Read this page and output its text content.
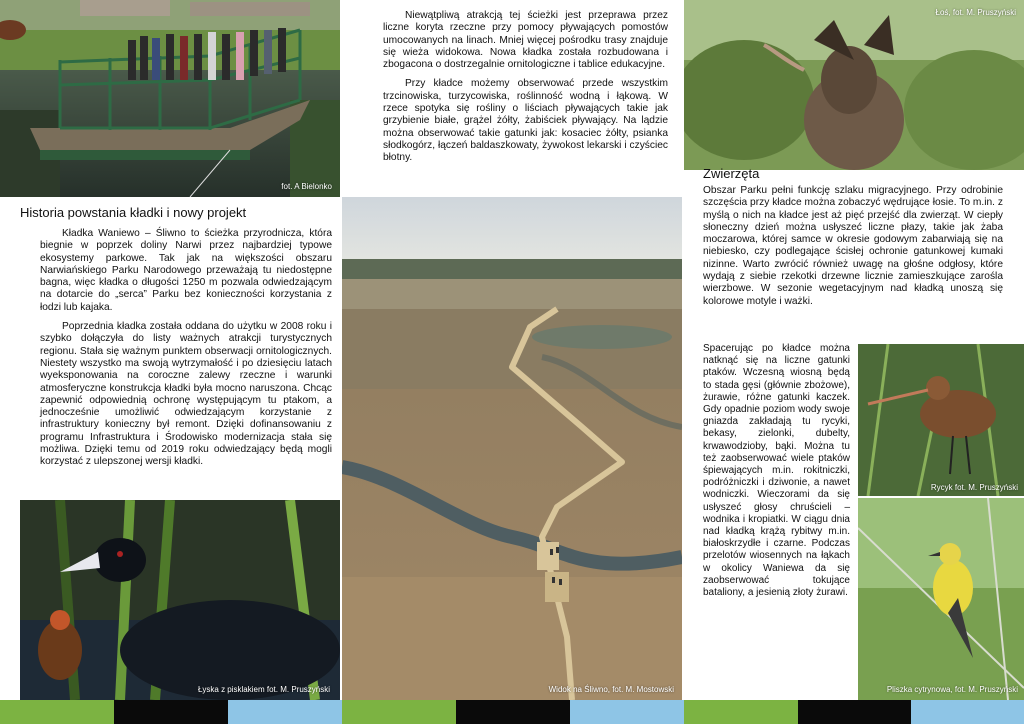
fot. A Bielonko
Historia powstania kładki i nowy projekt

Kładka Waniewo – Śliwno to ścieżka przyrodnicza, która biegnie w poprzek doliny Narwi przez najbardziej typowe ekosystemy parkowe. Tak jak na większości obszaru Narwiańskiego Parku Narodowego przeważają tu niedostępne bagna, więc kładka o długości 1250 m pozwala odwiedzającym na dotarcie do „serca” Parku bez konieczności korzystania z łodzi lub kajaka.

Poprzednia kładka została oddana do użytku w 2008 roku i szybko dołączyła do listy ważnych atrakcji turystycznych regionu. Stała się ważnym punktem obserwacji ornitologicznych. Niestety wszystko ma swoją wytrzymałość i po dziesięciu latach wyeksponowania na coroczne zalewy rzeczne i warunki atmosferyczne konstrukcja kładki była mocno naruszona. Chcąc zapewnić odpowiednią ochronę występującym tu ptakom, a jednocześnie umożliwić odwiedzającym korzystanie z infrastruktury konieczny był remont. Dzięki dofinansowaniu z programu Infrastruktura i Środowisko modernizacja stała się możliwa. Dzięki temu od 2019 roku odwiedzający będą mogli korzystać z ulepszonej wersji kładki.

Łyska z pisklakiem fot. M. Pruszyński

Niewątpliwą atrakcją tej ścieżki jest przeprawa przez liczne koryta rzeczne przy pomocy pływających pomostów umocowanych na linach. Mniej więcej pośrodku trasy znajduje się wieża widokowa. Nowa kładka została rozbudowana i zbogacona o dostrzegalnie ornitologiczne i tablice edukacyjne.

Przy kładce możemy obserwować przede wszystkim trzcinowiska, turzycowiska, roślinność wodną i łąkową. W rzece spotyka się rośliny o liściach pływających takie jak grzybienie białe, grążel żółty, żabiściek pływający. Na lądzie można obserwować takie gatunki jak: kosaciec żółty, psianka słodkogórz, łączeń baldaszkowaty, żywokost lekarski i czyściec błotny.

Widok na Śliwno, fot. M. Mostowski
Łoś, fot. M. Pruszyński
Zwierzęta

Obszar Parku pełni funkcję szlaku migracyjnego. Przy odrobinie szczęścia przy kładce można zobaczyć wędrujące łosie. To m.in. z myślą o nich na kładce jest aż pięć przejść dla zwierząt. W ciepły słoneczny dzień można usłyszeć liczne płazy, takie jak żaba moczarowa, której samce w okresie godowym zabarwiają się na niebiesko, czy podlegające ścisłej ochronie gatunkowej kumaki nizinne. Warto zwrócić również uwagę na głośne odgłosy, które wydają z siebie rzekotki drzewne licznie zamieszkujące zarośla wierzbowe. W sezonie wegetacyjnym nad kładką unoszą się kolorowe motyle i ważki.

Spacerując po kładce można natknąć się na liczne gatunki ptaków. Wczesną wiosną będą to stada gęsi (głównie zbożowe), żurawie, różne gatunki kaczek. Gdy opadnie poziom wody swoje gniazda zakładają tu rycyki, bekasy, zielonki, dubelty, krwawodzioby, bąki. Można tu też zaobserwować wiele ptaków śpiewających m.in. rokitniczki, podróżniczki i dziwonie, a nawet wodniczki. Wieczorami da się usłyszeć głosy chruścieli – wodnika i kropiatki. W ciągu dnia nad kładką krążą rybitwy m.in. białoskrzydłe i czarne. Podczas przelotów wiosennych na łąkach w okolicy Waniewa da się zaobserwować tokujące bataliony, a jesienią złoty żurawi.

Rycyk fot. M. Pruszyński
Pliszka cytrynowa, fot. M. Pruszyński
